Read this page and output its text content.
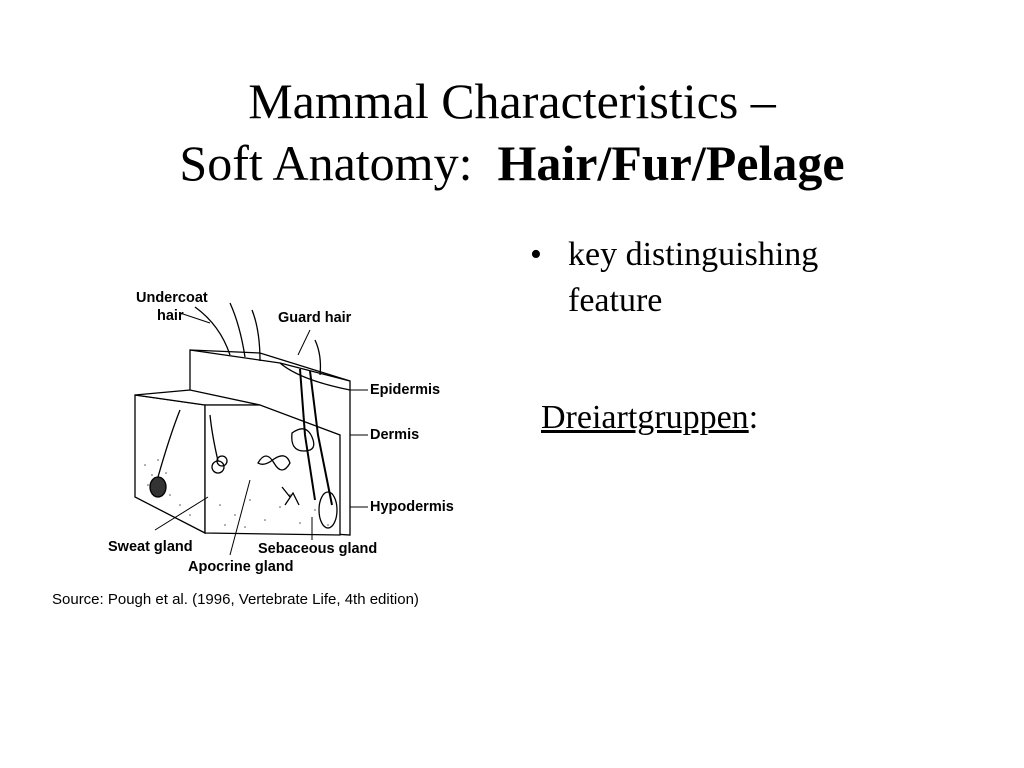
Mammal Characteristics –
Soft Anatomy: Hair/Fur/Pelage
Undercoat
hair	Guard hair
Epidermis
Dermis
Hypodermis
Sweat gland	Sebaceous gland
Apocrine gland
Source: Pough et al. (1996, Vertebrate Life, 4th edition)
• key distinguishing feature
Dreiartgruppen:
